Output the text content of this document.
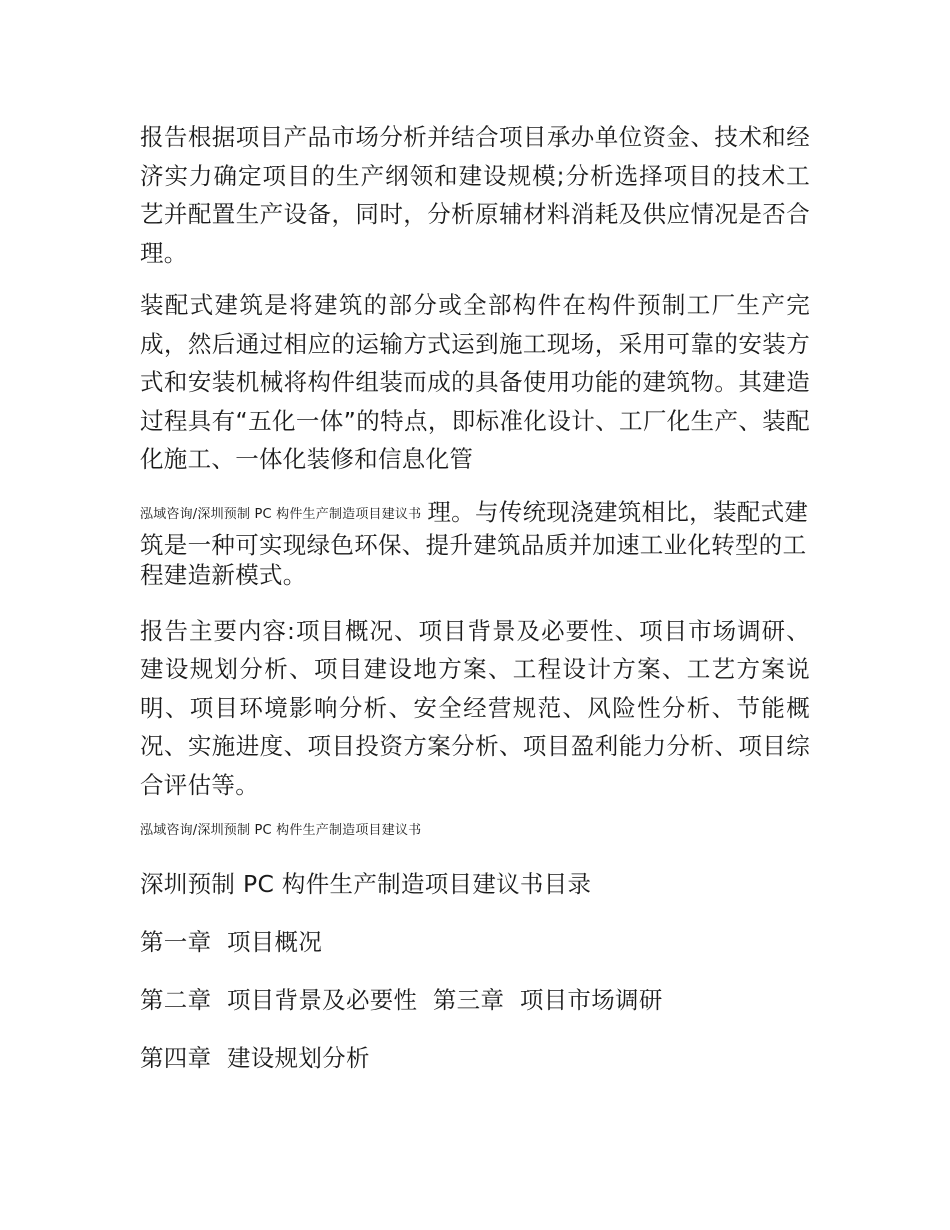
报告根据项目产品市场分析并结合项目承办单位资金、技术和经济实力确定项目的生产纲领和建设规模;分析选择项目的技术工艺并配置生产设备，同时，分析原辅材料消耗及供应情况是否合理。

装配式建筑是将建筑的部分或全部构件在构件预制工厂生产完成，然后通过相应的运输方式运到施工现场，采用可靠的安装方式和安装机械将构件组装而成的具备使用功能的建筑物。其建造过程具有“五化一体”的特点，即标准化设计、工厂化生产、装配化施工、一体化装修和信息化管

泓域咨询/深圳预制 PC 构件生产制造项目建议书 理。与传统现浇建筑相比，装配式建筑是一种可实现绿色环保、提升建筑品质并加速工业化转型的工程建造新模式。

报告主要内容:项目概况、项目背景及必要性、项目市场调研、建设规划分析、项目建设地方案、工程设计方案、工艺方案说明、项目环境影响分析、安全经营规范、风险性分析、节能概况、实施进度、项目投资方案分析、项目盈利能力分析、项目综合评估等。

泓域咨询/深圳预制 PC 构件生产制造项目建议书
深圳预制 PC 构件生产制造项目建议书目录
第一章  项目概况
第二章  项目背景及必要性  第三章  项目市场调研
第四章  建设规划分析
